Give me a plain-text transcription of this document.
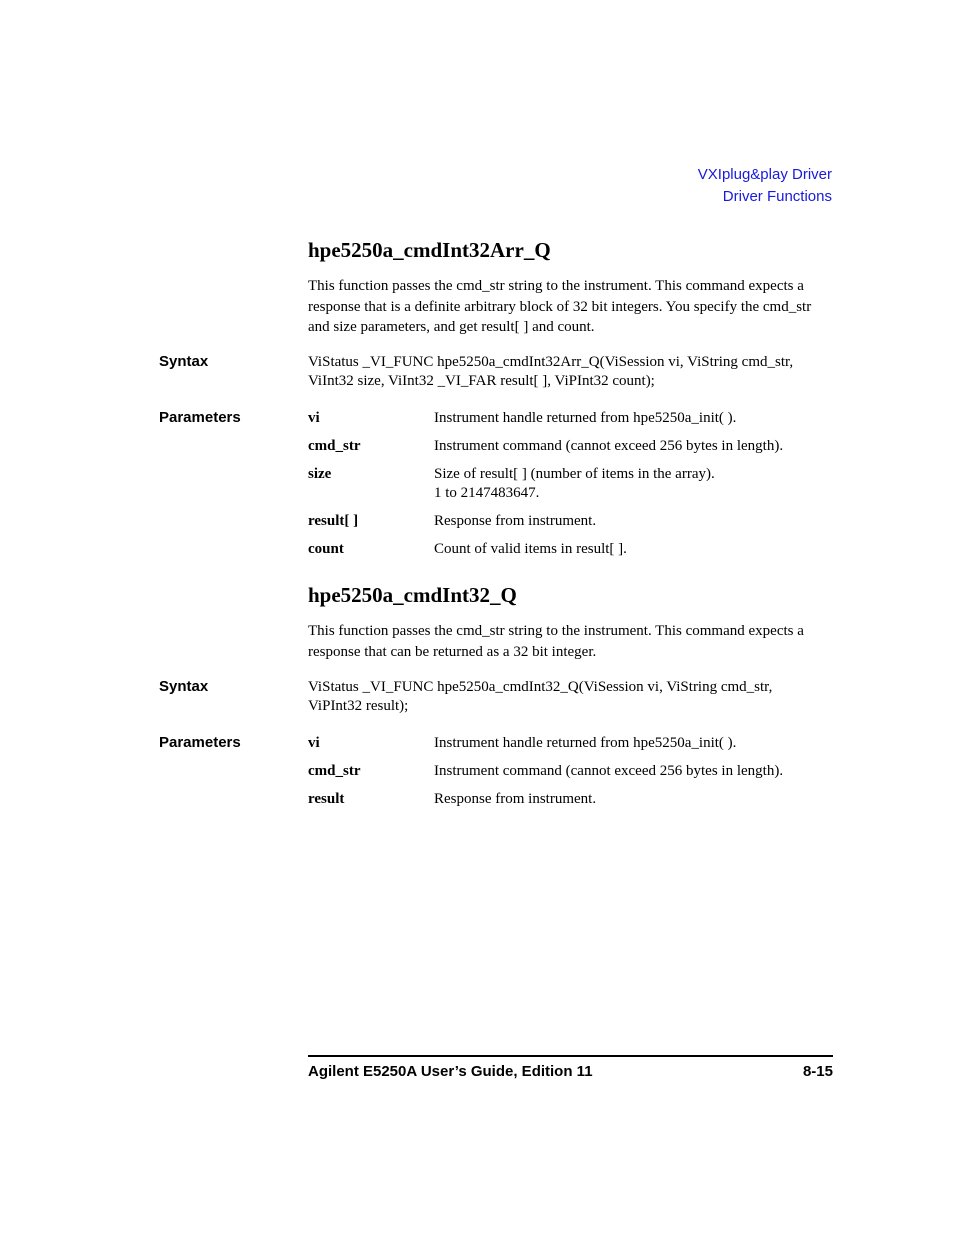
VXIplug&play Driver
Driver Functions
hpe5250a_cmdInt32Arr_Q
This function passes the cmd_str string to the instrument. This command expects a
response that is a definite arbitrary block of 32 bit integers. You specify the cmd_str
and size parameters, and get result[ ] and count.
Syntax	ViStatus _VI_FUNC hpe5250a_cmdInt32Arr_Q(ViSession vi, ViString cmd_str,
ViInt32 size, ViInt32 _VI_FAR result[ ], ViPInt32 count);
Parameters	vi	Instrument handle returned from hpe5250a_init( ).
cmd_str	Instrument command (cannot exceed 256 bytes in length).
size	Size of result[ ] (number of items in the array).
1 to 2147483647.
result[ ]	Response from instrument.
count	Count of valid items in result[ ].
hpe5250a_cmdInt32_Q
This function passes the cmd_str string to the instrument. This command expects a
response that can be returned as a 32 bit integer.
Syntax	ViStatus _VI_FUNC hpe5250a_cmdInt32_Q(ViSession vi, ViString cmd_str,
ViPInt32 result);
Parameters	vi	Instrument handle returned from hpe5250a_init( ).
cmd_str	Instrument command (cannot exceed 256 bytes in length).
result	Response from instrument.
Agilent E5250A User’s Guide, Edition 11	8-15
